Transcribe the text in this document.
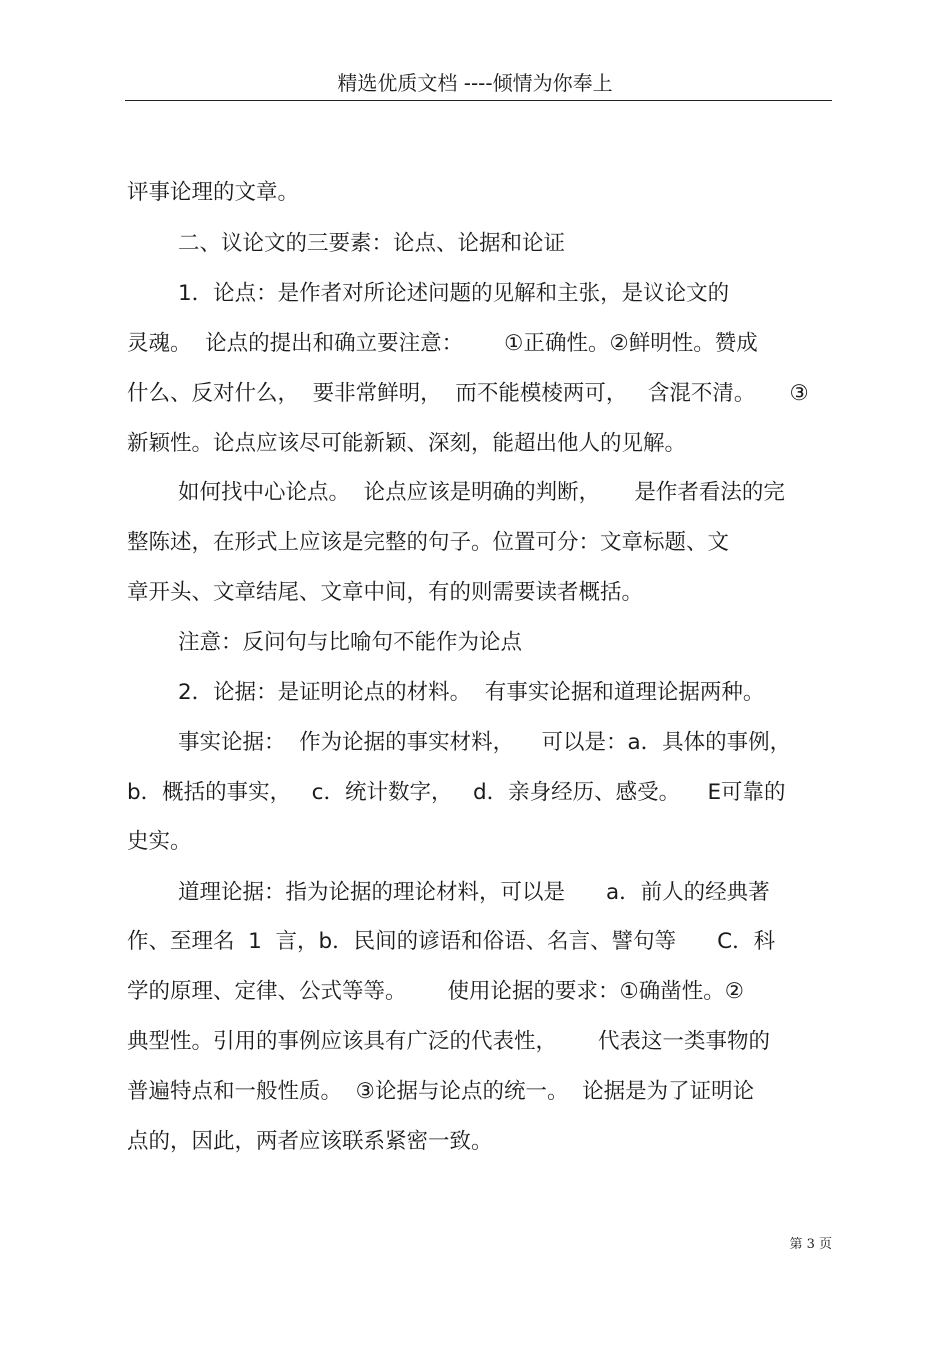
精选优质文档 ----倾情为你奉上
评事论理的文章。
二、议论文的三要素：论点、论据和论证
1．论点：是作者对所论述问题的见解和主张，是议论文的
灵魂。  论点的提出和确立要注意：      ①正确性。②鲜明性。赞成
什么、反对什么，  要非常鲜明，  而不能模棱两可，   含混不清。     ③
新颖性。论点应该尽可能新颖、深刻，能超出他人的见解。
如何找中心论点。  论点应该是明确的判断，     是作者看法的完
整陈述，在形式上应该是完整的句子。位置可分：文章标题、文
章开头、文章结尾、文章中间，有的则需要读者概括。
注意：反问句与比喻句不能作为论点
2．论据：是证明论点的材料。  有事实论据和道理论据两种。
事实论据：  作为论据的事实材料，    可以是：a．具体的事例，
b．概括的事实，   c．统计数字，   d．亲身经历、感受。    E可靠的
史实。
道理论据：指为论据的理论材料，可以是      a．前人的经典著
作、至理名  1  言，b．民间的谚语和俗语、名言、譬句等      C．科
学的原理、定律、公式等等。      使用论据的要求：①确凿性。②
典型性。引用的事例应该具有广泛的代表性，      代表这一类事物的
普遍特点和一般性质。  ③论据与论点的统一。  论据是为了证明论
点的，因此，两者应该联系紧密一致。
第 3 页
